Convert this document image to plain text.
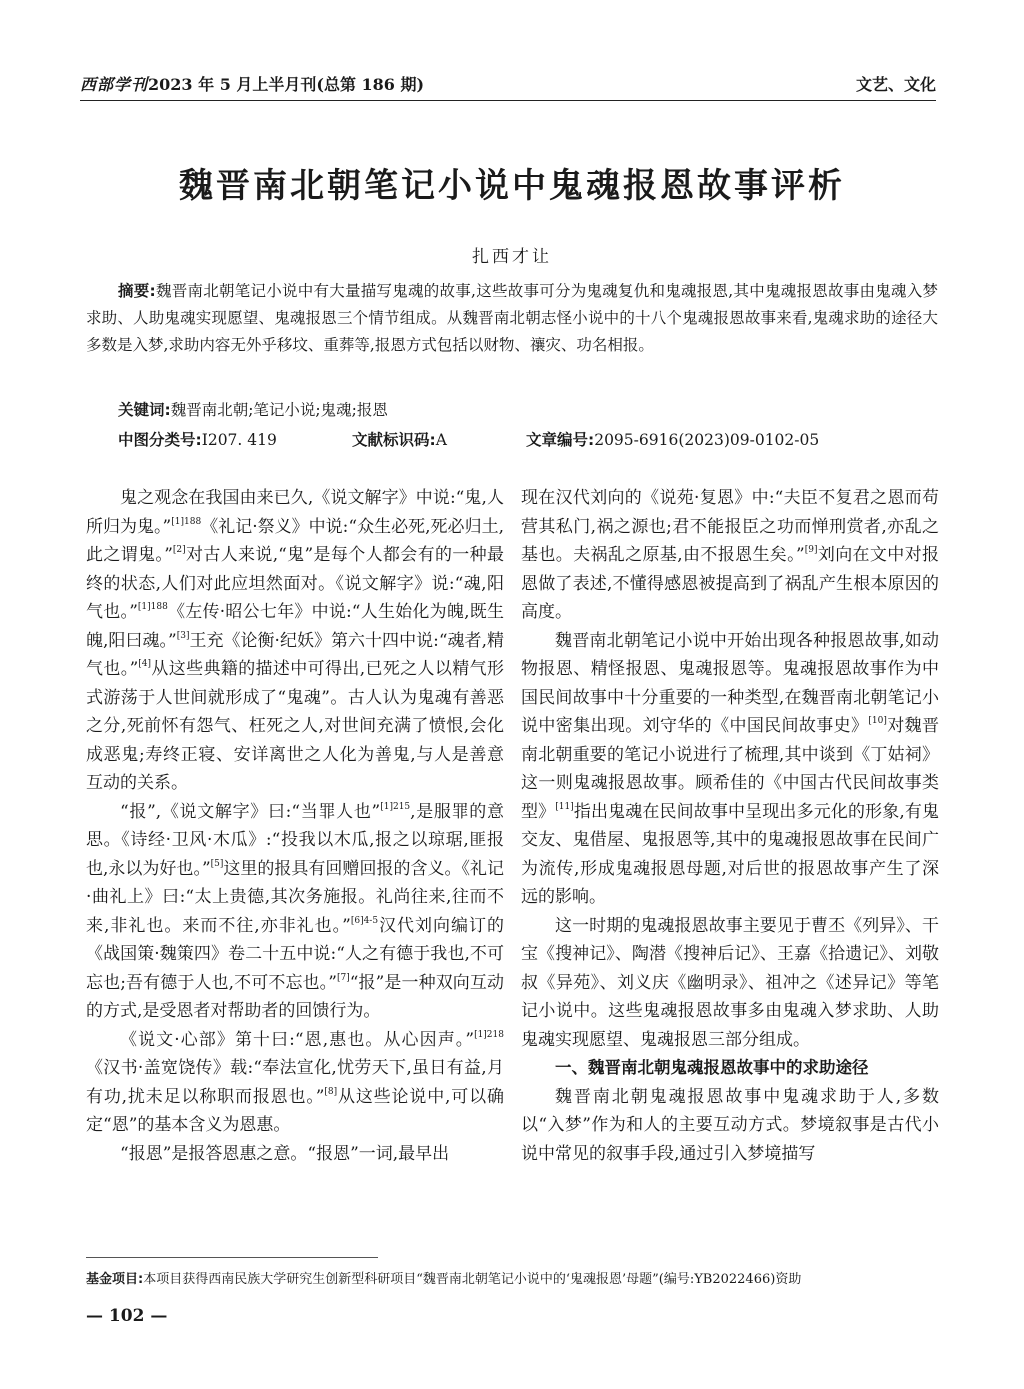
西部学刊2023 年 5 月上半月刊(总第 186 期)	文艺、文化
魏晋南北朝笔记小说中鬼魂报恩故事评析
扎西才让
摘要:魏晋南北朝笔记小说中有大量描写鬼魂的故事,这些故事可分为鬼魂复仇和鬼魂报恩,其中鬼魂报恩故事由鬼魂入梦求助、人助鬼魂实现愿望、鬼魂报恩三个情节组成。从魏晋南北朝志怪小说中的十八个鬼魂报恩故事来看,鬼魂求助的途径大多数是入梦,求助内容无外乎移坟、重葬等,报恩方式包括以财物、禳灾、功名相报。
关键词:魏晋南北朝;笔记小说;鬼魂;报恩
中图分类号:I207. 419	文献标识码:A	文章编号:2095-6916(2023)09-0102-05

鬼之观念在我国由来已久,《说文解字》中说:“鬼,人所归为鬼。”$^{[1]188}$《礼记·祭义》中说:“众生必死,死必归土,此之谓鬼。”[2]对古人来说,“鬼”是每个人都会有的一种最终的状态,人们对此应坦然面对。《说文解字》说:“魂,阳气也。”$^{[1]188}$《左传·昭公七年》中说:“人生始化为魄,既生魄,阳曰魂。”[3]王充《论衡·纪妖》第六十四中说:“魂者,精气也。”[4]从这些典籍的描述中可得出,已死之人以精气形式游荡于人世间就形成了“鬼魂”。古人认为鬼魂有善恶之分,死前怀有怨气、枉死之人,对世间充满了愤恨,会化成恶鬼;寿终正寝、安详离世之人化为善鬼,与人是善意互动的关系。

“报”,《说文解字》曰:“当罪人也”$^{[1]215}$,是服罪的意思。《诗经·卫风·木瓜》:“投我以木瓜,报之以琼琚,匪报也,永以为好也。”[5]这里的报具有回赠回报的含义。《礼记·曲礼上》曰:“太上贵德,其次务施报。礼尚往来,往而不来,非礼也。来而不往,亦非礼也。”$^{[6]4-5}$汉代刘向编订的《战国策·魏策四》卷二十五中说:“人之有德于我也,不可忘也;吾有德于人也,不可不忘也。”[7]“报”是一种双向互动的方式,是受恩者对帮助者的回馈行为。

《说文·心部》第十曰:“恩,惠也。从心因声。”$^{[1]218}$《汉书·盖宽饶传》载:“奉法宣化,忧劳天下,虽日有益,月有功,扰未足以称职而报恩也。”[8]从这些论说中,可以确定“恩”的基本含义为恩惠。

“报恩”是报答恩惠之意。“报恩”一词,最早出

现在汉代刘向的《说苑·复恩》中:“夫臣不复君之恩而苟营其私门,祸之源也;君不能报臣之功而惮刑赏者,亦乱之基也。夫祸乱之原基,由不报恩生矣。”[9]刘向在文中对报恩做了表述,不懂得感恩被提高到了祸乱产生根本原因的高度。

魏晋南北朝笔记小说中开始出现各种报恩故事,如动物报恩、精怪报恩、鬼魂报恩等。鬼魂报恩故事作为中国民间故事中十分重要的一种类型,在魏晋南北朝笔记小说中密集出现。刘守华的《中国民间故事史》[10]对魏晋南北朝重要的笔记小说进行了梳理,其中谈到《丁姑祠》这一则鬼魂报恩故事。顾希佳的《中国古代民间故事类型》[11]指出鬼魂在民间故事中呈现出多元化的形象,有鬼交友、鬼借屋、鬼报恩等,其中的鬼魂报恩故事在民间广为流传,形成鬼魂报恩母题,对后世的报恩故事产生了深远的影响。

这一时期的鬼魂报恩故事主要见于曹丕《列异》、干宝《搜神记》、陶潜《搜神后记》、王嘉《拾遗记》、刘敬叔《异苑》、刘义庆《幽明录》、祖冲之《述异记》等笔记小说中。这些鬼魂报恩故事多由鬼魂入梦求助、人助鬼魂实现愿望、鬼魂报恩三部分组成。

一、魏晋南北朝鬼魂报恩故事中的求助途径

魏晋南北朝鬼魂报恩故事中鬼魂求助于人,多数以“入梦”作为和人的主要互动方式。梦境叙事是古代小说中常见的叙事手段,通过引入梦境描写

基金项目:本项目获得西南民族大学研究生创新型科研项目“魏晋南北朝笔记小说中的‘鬼魂报恩’母题”(编号:YB2022466)资助
— 102 —
